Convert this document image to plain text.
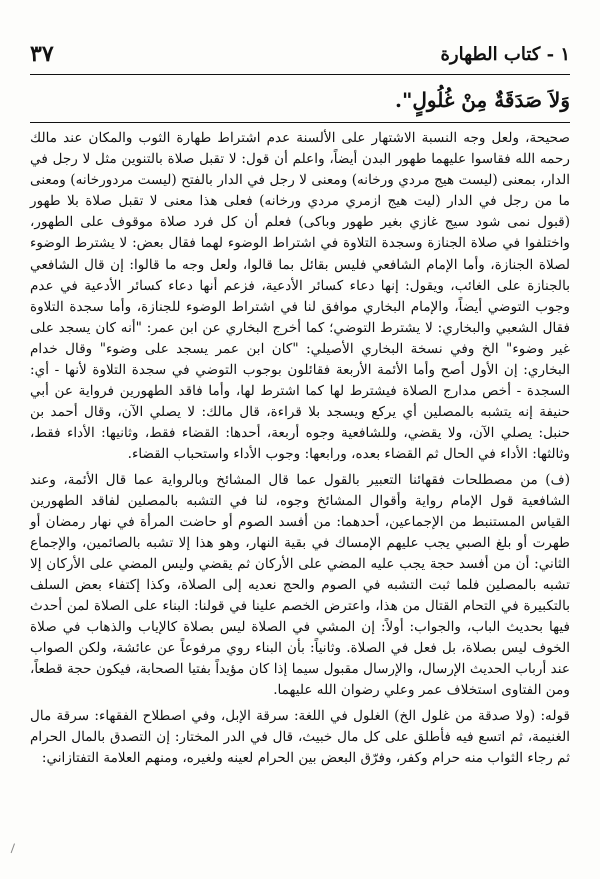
٣٧	١ - كتاب الطهارة
وَلاَ صَدَقَةٌ مِنْ غُلُولٍ".

صحيحة، ولعل وجه النسبة الاشتهار على الألسنة عدم اشتراط طهارة الثوب والمكان عند مالك رحمه الله فقاسوا عليهما طهور البدن أيضاً، واعلم أن قول: لا تقبل صلاة بالتنوين مثل لا رجل في الدار، بمعنى (ليست هيج مردي ورخانه) ومعنى لا رجل في الدار بالفتح (ليست مردورخانه) ومعنى ما من رجل في الدار (ليت هيج ازمري مردي ورخانه) فعلى هذا معنى لا تقبل صلاة بلا طهور (قبول نمى شود سيج غازي بغير طهور وباكى) فعلم أن كل فرد صلاة موقوف على الطهور، واختلفوا في صلاة الجنازة وسجدة التلاوة في اشتراط الوضوء لهما فقال بعض: لا يشترط الوضوء لصلاة الجنازة، وأما الإمام الشافعي فليس بقائل بما قالوا، ولعل وجه ما قالوا: إن قال الشافعي بالجنازة على الغائب، ويقول: إنها دعاء كسائر الأدعية، فزعم أنها دعاء كسائر الأدعية في عدم وجوب التوضي أيضاً، والإمام البخاري موافق لنا في اشتراط الوضوء للجنازة، وأما سجدة التلاوة فقال الشعبي والبخاري: لا يشترط التوضي؛ كما أخرج البخاري عن ابن عمر: "أنه كان يسجد على غير وضوء" الخ وفي نسخة البخاري الأصيلي: "كان ابن عمر يسجد على وضوء" وقال خدام البخاري: إن الأول أصح وأما الأئمة الأربعة فقائلون بوجوب التوضي في سجدة التلاوة لأنها - أي: السجدة - أخص مدارج الصلاة فيشترط لها كما اشترط لها، وأما فاقد الطهورين فرواية عن أبي حنيفة إنه يتشبه بالمصلين أي يركع ويسجد بلا قراءة، قال مالك: لا يصلي الآن، وقال أحمد بن حنبل: يصلي الآن، ولا يقضي، وللشافعية وجوه أربعة، أحدها: القضاء فقط، وثانيها: الأداء فقط، وثالثها: الأداء في الحال ثم القضاء بعده، ورابعها: وجوب الأداء واستحباب القضاء.

(ف) من مصطلحات فقهائنا التعبير بالقول عما قال المشائخ وبالرواية عما قال الأئمة، وعند الشافعية قول الإمام رواية وأقوال المشائخ وجوه، لنا في التشبه بالمصلين لفاقد الطهورين القياس المستنبط من الإجماعين، أحدهما: من أفسد الصوم أو حاضت المرأة في نهار رمضان أو طهرت أو بلغ الصبي يجب عليهم الإمساك في بقية النهار، وهو هذا إلا تشبه بالصائمين، والإجماع الثاني: أن من أفسد حجة يجب عليه المضي على الأركان ثم يقضي وليس المضي على الأركان إلا تشبه بالمصلين فلما ثبت التشبه في الصوم والحج نعديه إلى الصلاة، وكذا إكتفاء بعض السلف بالتكبيرة في التحام القتال من هذا، واعترض الخصم علينا في قولنا: البناء على الصلاة لمن أحدث فيها بحديث الباب، والجواب: أولاً: إن المشي في الصلاة ليس بصلاة كالإياب والذهاب في صلاة الخوف ليس بصلاة، بل فعل في الصلاة. وثانياً: بأن البناء روي مرفوعاً عن عائشة، ولكن الصواب عند أرباب الحديث الإرسال، والإرسال مقبول سيما إذا كان مؤيداً بفتيا الصحابة، فيكون حجة قطعاً، ومن الفتاوى استخلاف عمر وعلي رضوان الله عليهما.

قوله: (ولا صدقة من غلول الخ) الغلول في اللغة: سرقة الإبل، وفي اصطلاح الفقهاء: سرقة مال الغنيمة، ثم اتسع فيه فأطلق على كل مال خبيث، قال في الدر المختار: إن التصدق بالمال الحرام ثم رجاء الثواب منه حرام وكفر، وفرّق البعض بين الحرام لعينه ولغيره، ومنهم العلامة التفتازاني:
